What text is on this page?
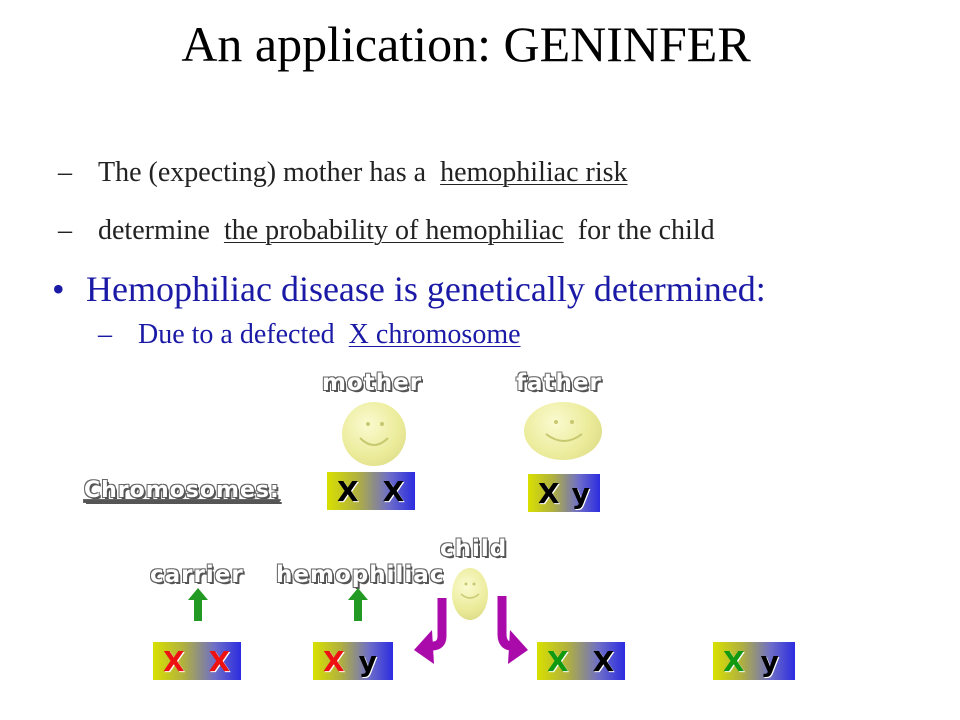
An application: GENINFER
– The (expecting) mother has a hemophiliac risk
– determine the probability of hemophiliac for the child
• Hemophiliac disease is genetically determined:
– Due to a defected X chromosome
mother	father
Chromosomes: X X	X y
child
carrier hemophiliac
X X	X y	X X	X y
